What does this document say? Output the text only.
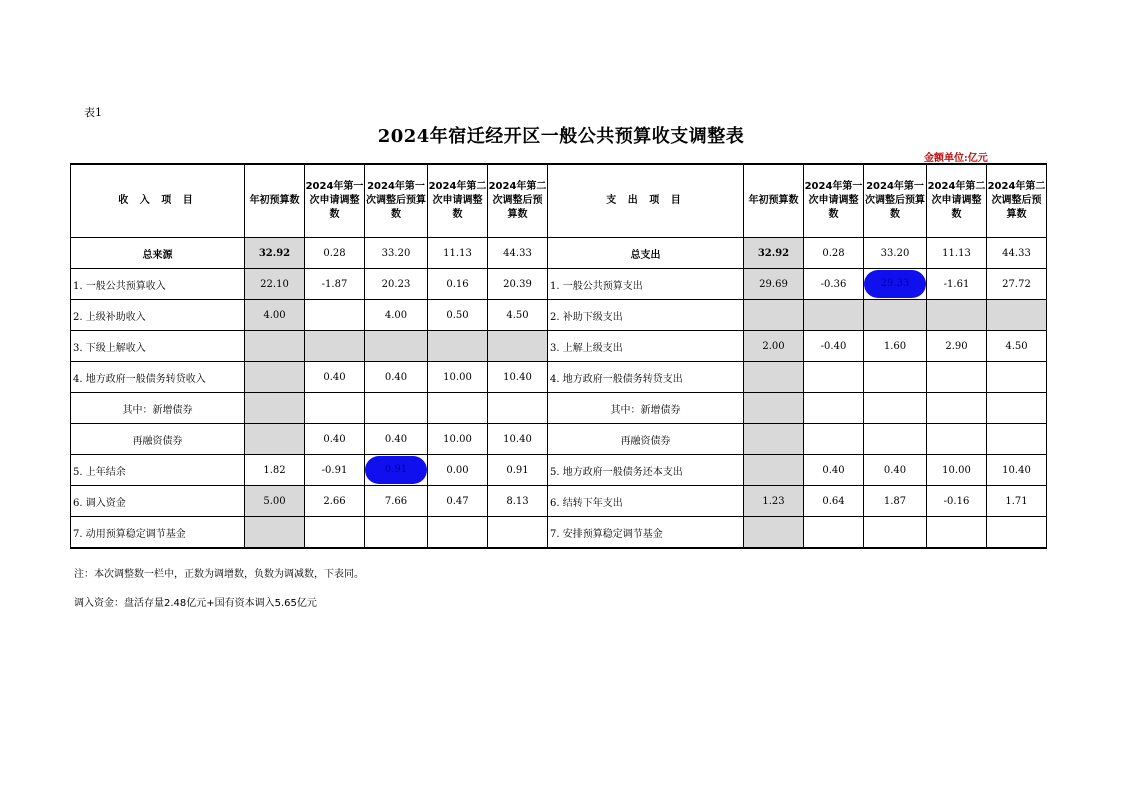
表1
2024年宿迁经开区一般公共预算收支调整表
金额单位:亿元
收 入 项 目	年初预算数	2024年第一次申请调整数	2024年第一次调整后预算数	2024年第二次申请调整数	2024年第二次调整后预算数	支 出 项 目	年初预算数	2024年第一次申请调整数	2024年第一次调整后预算数	2024年第二次申请调整数	2024年第二次调整后预算数
总来源	32.92	0.28	33.20	11.13	44.33	总支出	32.92	0.28	33.20	11.13	44.33
1. 一般公共预算收入	22.10	-1.87	20.23	0.16	20.39	1. 一般公共预算支出	29.69	-0.36	29.33	-1.61	27.72
2. 上级补助收入	4.00		4.00	0.50	4.50	2. 补助下级支出					
3. 下级上解收入						3. 上解上级支出	2.00	-0.40	1.60	2.90	4.50
4. 地方政府一般债务转贷收入		0.40	0.40	10.00	10.40	4. 地方政府一般债务转贷支出					
其中：新增债券						其中：新增债券					
再融资债券		0.40	0.40	10.00	10.40	再融资债券					
5. 上年结余	1.82	-0.91	0.91	0.00	0.91	5. 地方政府一般债务还本支出		0.40	0.40	10.00	10.40
6. 调入资金	5.00	2.66	7.66	0.47	8.13	6. 结转下年支出	1.23	0.64	1.87	-0.16	1.71
7. 动用预算稳定调节基金						7. 安排预算稳定调节基金					
注：本次调整数一栏中，正数为调增数，负数为调减数，下表同。
调入资金：盘活存量2.48亿元+国有资本调入5.65亿元
